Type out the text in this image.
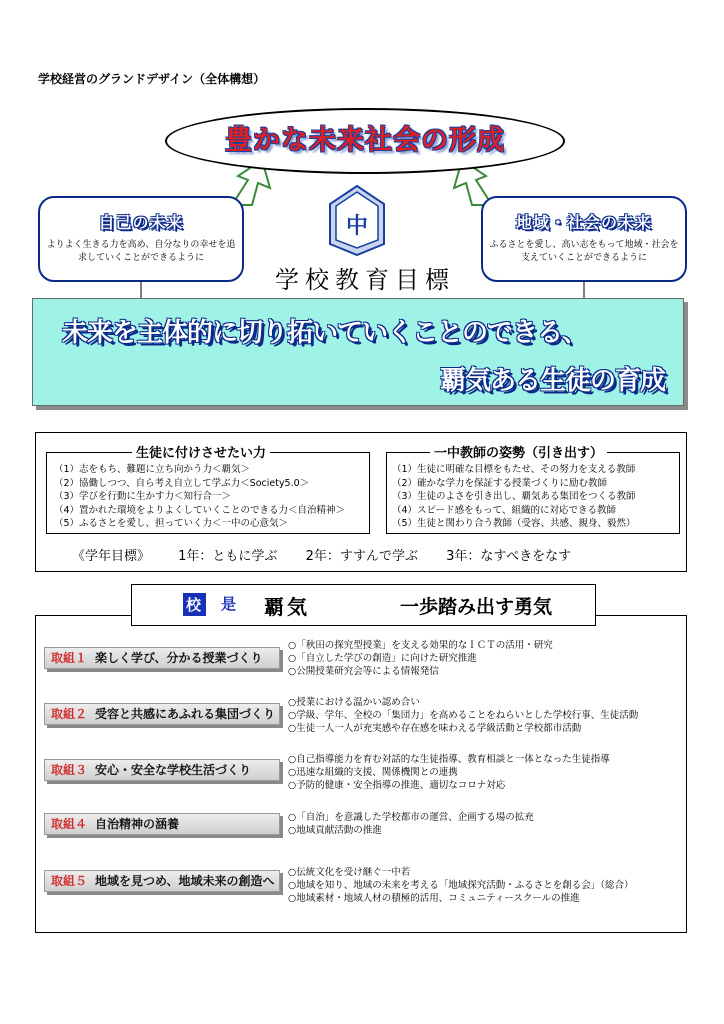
学校経営のグランドデザイン（全体構想）
中
豊かな未来社会の形成
自己の未来
よりよく生きる力を高め、自分なりの幸せを追求していくことができるように
地域・社会の未来
ふるさとを愛し、高い志をもって地域・社会を支えていくことができるように
学校教育目標
未来を主体的に切り拓いていくことのできる、
覇気ある生徒の育成
生徒に付けさせたい力
（1）志をもち、難題に立ち向かう力＜覇気＞
（2）協働しつつ、自ら考え自立して学ぶ力＜Society5.0＞
（3）学びを行動に生かす力＜知行合一＞
（4）置かれた環境をよりよくしていくことのできる力＜自治精神＞
（5）ふるさとを愛し、担っていく力＜一中の心意気＞
一中教師の姿勢（引き出す）
（1）生徒に明確な目標をもたせ、その努力を支える教師
（2）確かな学力を保証する授業づくりに励む教師
（3）生徒のよさを引き出し、覇気ある集団をつくる教師
（4）スピード感をもって、組織的に対応できる教師
（5）生徒と関わり合う教師（受容、共感、親身、毅然）
《学年目標》 1年：ともに学ぶ 2年：すすんで学ぶ 3年：なすべきをなす
校 是 覇気	一歩踏み出す勇気
取組１ 楽しく学び、分かる授業づくり
○「秋田の探究型授業」を支える効果的なＩＣＴの活用・研究
○「自立した学びの創造」に向けた研究推進
○公開授業研究会等による情報発信
取組２ 受容と共感にあふれる集団づくり
○授業における温かい認め合い
○学級、学年、全校の「集団力」を高めることをねらいとした学校行事、生徒活動
○生徒一人一人が充実感や存在感を味わえる学級活動と学校都市活動
取組３ 安心・安全な学校生活づくり
○自己指導能力を育む対話的な生徒指導、教育相談と一体となった生徒指導
○迅速な組織的支援、関係機関との連携
○予防的健康・安全指導の推進、適切なコロナ対応
取組４ 自治精神の涵養	○「自治」を意識した学校都市の運営、企画する場の拡充
○地域貢献活動の推進
取組５ 地域を見つめ、地域未来の創造へ
○伝統文化を受け継ぐ一中若
○地域を知り、地域の未来を考える「地域探究活動・ふるさとを創る会」（総合）
○地域素材・地域人材の積極的活用、コミュニティースクールの推進
